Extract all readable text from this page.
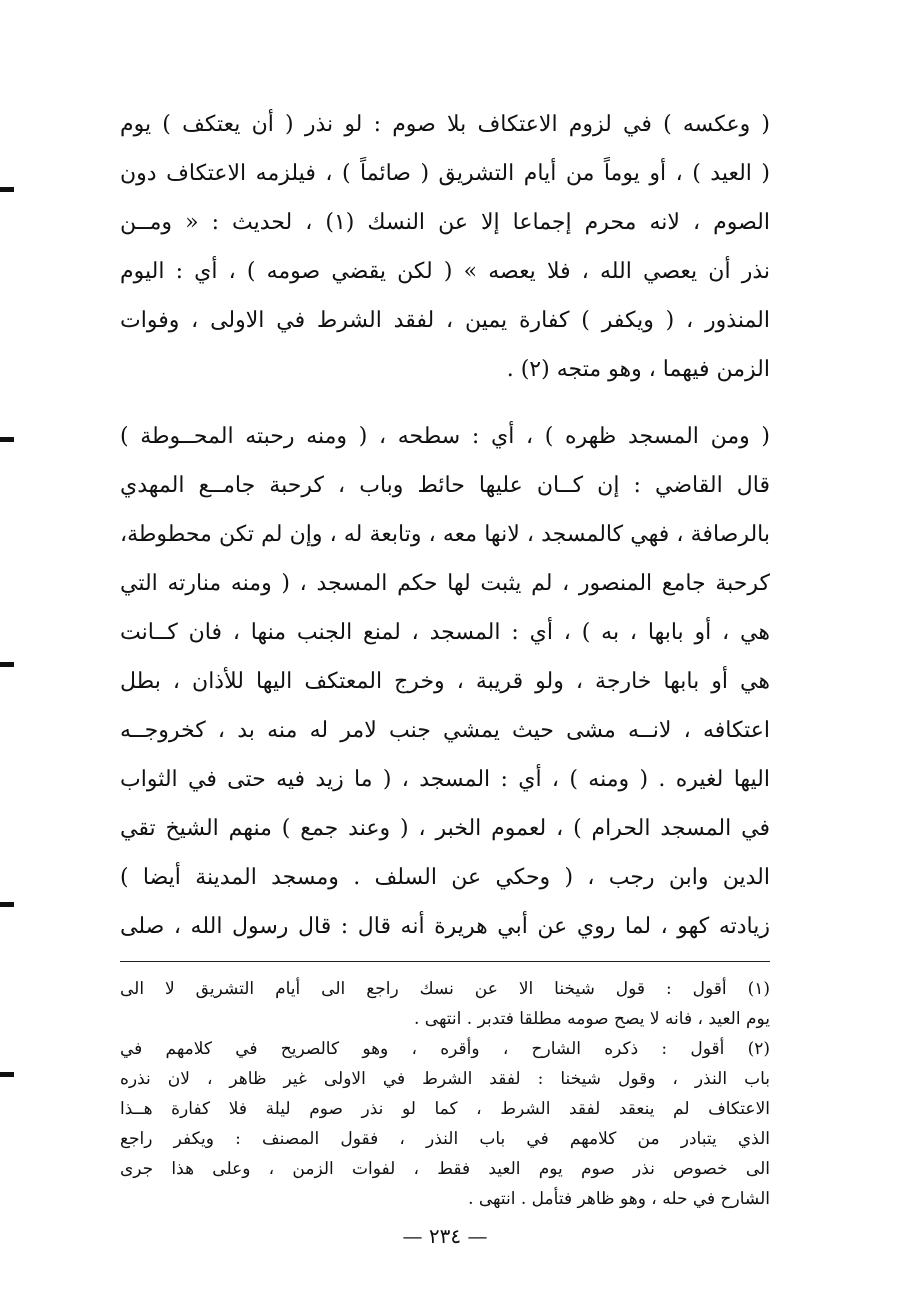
( وعكسه ) في لزوم الاعتكاف بلا صوم : لو نذر ( أن يعتكف ) يوم
( العيد ) ، أو يوماً من أيام التشريق ( صائماً ) ، فيلزمه الاعتكاف دون
الصوم ، لانه محرم إجماعا إلا عن النسك (١) ، لحديث : « ومــن
نذر أن يعصي الله ، فلا يعصه » ( لكن يقضي صومه ) ، أي : اليوم
المنذور ، ( ويكفر ) كفارة يمين ، لفقد الشرط في الاولى ، وفوات
الزمن فيهما ، وهو متجه (٢) .
( ومن المسجد ظهره ) ، أي : سطحه ، ( ومنه رحبته المحــوطة )
قال القاضي : إن كــان عليها حائط وباب ، كرحبة جامــع المهدي
بالرصافة ، فهي كالمسجد ، لانها معه ، وتابعة له ، وإن لم تكن محطوطة،
كرحبة جامع المنصور ، لم يثبت لها حكم المسجد ، ( ومنه منارته التي
هي ، أو بابها ، به ) ، أي : المسجد ، لمنع الجنب منها ، فان كــانت
هي أو بابها خارجة ، ولو قريبة ، وخرج المعتكف اليها للأذان ، بطل
اعتكافه ، لانــه مشى حيث يمشي جنب لامر له منه بد ، كخروجــه
اليها لغيره . ( ومنه ) ، أي : المسجد ، ( ما زيد فيه حتى في الثواب
في المسجد الحرام ) ، لعموم الخبر ، ( وعند جمع ) منهم الشيخ تقي
الدين وابن رجب ، ( وحكي عن السلف . ومسجد المدينة أيضا )
زيادته كهو ، لما روي عن أبي هريرة أنه قال : قال رسول الله ، صلى
(١) أقول : قول شيخنا الا عن نسك راجع الى أيام التشريق لا الى
يوم العيد ، فانه لا يصح صومه مطلقا فتدبر . انتهى .
(٢) أقول : ذكره الشارح ، وأقره ، وهو كالصريح في كلامهم في
باب النذر ، وقول شيخنا : لفقد الشرط في الاولى غير ظاهر ، لان نذره
الاعتكاف لم ينعقد لفقد الشرط ، كما لو نذر صوم ليلة فلا كفارة هــذا
الذي يتبادر من كلامهم في باب النذر ، فقول المصنف : ويكفر راجع
الى خصوص نذر صوم يوم العيد فقط ، لفوات الزمن ، وعلى هذا جرى
الشارح في حله ، وهو ظاهر فتأمل . انتهى .
— ٢٣٤ —
